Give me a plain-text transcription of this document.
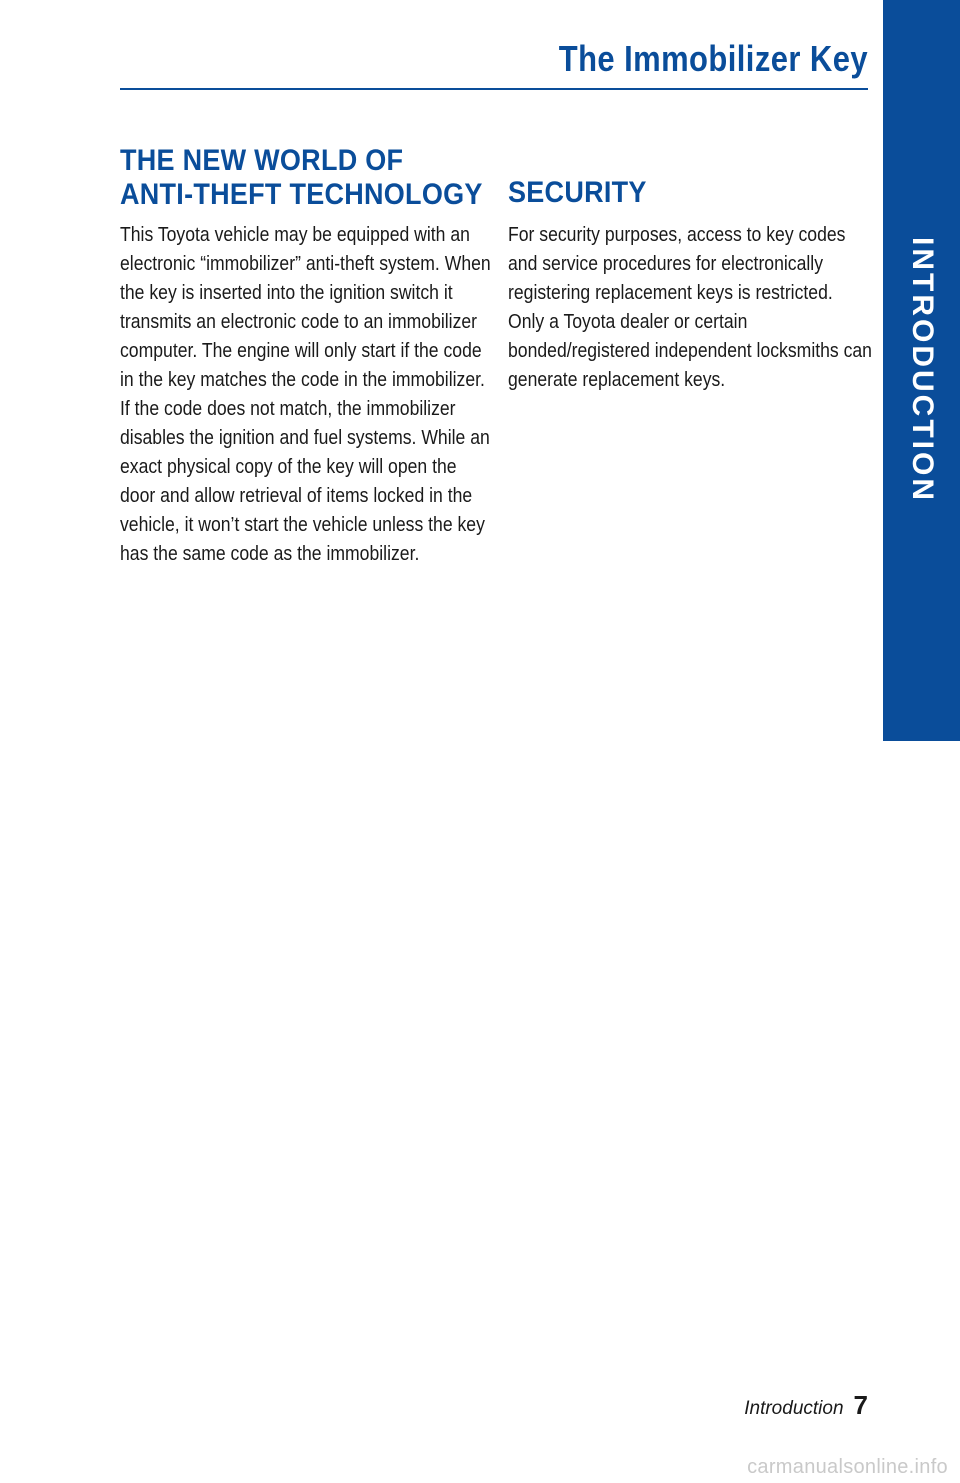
INTRODUCTION
The Immobilizer Key
THE NEW WORLD OF
ANTI-THEFT TECHNOLOGY

This Toyota vehicle may be equipped with an electronic “immobilizer” anti-theft system. When the key is inserted into the ignition switch it transmits an electronic code to an immobilizer computer. The engine will only start if the code in the key matches the code in the immobilizer. If the code does not match, the immobilizer disables the ignition and fuel systems. While an exact physical copy of the key will open the door and allow retrieval of items locked in the vehicle, it won’t start the vehicle unless the key has the same code as the immobilizer.

SECURITY

For security purposes, access to key codes and service procedures for electronically registering replacement keys is restricted. Only a Toyota dealer or certain bonded/registered independent locksmiths can generate replacement keys.

Introduction 7
carmanualsonline.info
